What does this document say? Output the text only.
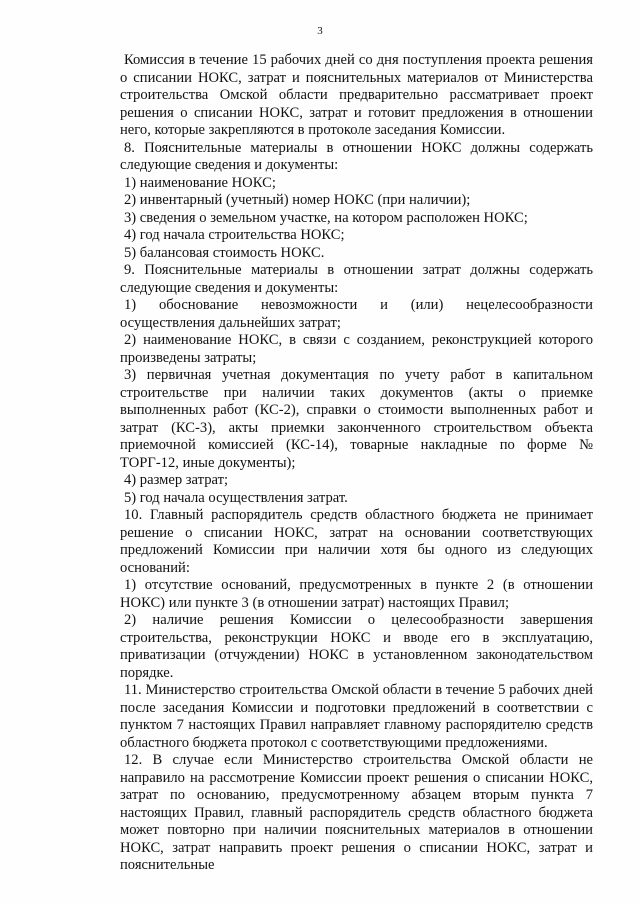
3

Комиссия в течение 15 рабочих дней со дня поступления проекта решения о списании НОКС, затрат и пояснительных материалов от Министерства строительства Омской области предварительно рассматривает проект решения о списании НОКС, затрат и готовит предложения в отношении него, которые закрепляются в протоколе заседания Комиссии.

8. Пояснительные материалы в отношении НОКС должны содержать следующие сведения и документы:

1) наименование НОКС;

2) инвентарный (учетный) номер НОКС (при наличии);

3) сведения о земельном участке, на котором расположен НОКС;

4) год начала строительства НОКС;

5) балансовая стоимость НОКС.

9. Пояснительные материалы в отношении затрат должны содержать следующие сведения и документы:

1) обоснование невозможности и (или) нецелесообразности осуществления дальнейших затрат;

2) наименование НОКС, в связи с созданием, реконструкцией которого произведены затраты;

3) первичная учетная документация по учету работ в капитальном строительстве при наличии таких документов (акты о приемке выполненных работ (КС-2), справки о стоимости выполненных работ и затрат (КС-3), акты приемки законченного строительством объекта приемочной комиссией (КС-14), товарные накладные по форме № ТОРГ-12, иные документы);

4) размер затрат;

5) год начала осуществления затрат.

10. Главный распорядитель средств областного бюджета не принимает решение о списании НОКС, затрат на основании соответствующих предложений Комиссии при наличии хотя бы одного из следующих оснований:

1) отсутствие оснований, предусмотренных в пункте 2 (в отношении НОКС) или пункте 3 (в отношении затрат) настоящих Правил;

2) наличие решения Комиссии о целесообразности завершения строительства, реконструкции НОКС и вводе его в эксплуатацию, приватизации (отчуждении) НОКС в установленном законодательством порядке.

11. Министерство строительства Омской области в течение 5 рабочих дней после заседания Комиссии и подготовки предложений в соответствии с пунктом 7 настоящих Правил направляет главному распорядителю средств областного бюджета протокол с соответствующими предложениями.

12. В случае если Министерство строительства Омской области не направило на рассмотрение Комиссии проект решения о списании НОКС, затрат по основанию, предусмотренному абзацем вторым пункта 7 настоящих Правил, главный распорядитель средств областного бюджета может повторно при наличии пояснительных материалов в отношении НОКС, затрат направить проект решения о списании НОКС, затрат и пояснительные
